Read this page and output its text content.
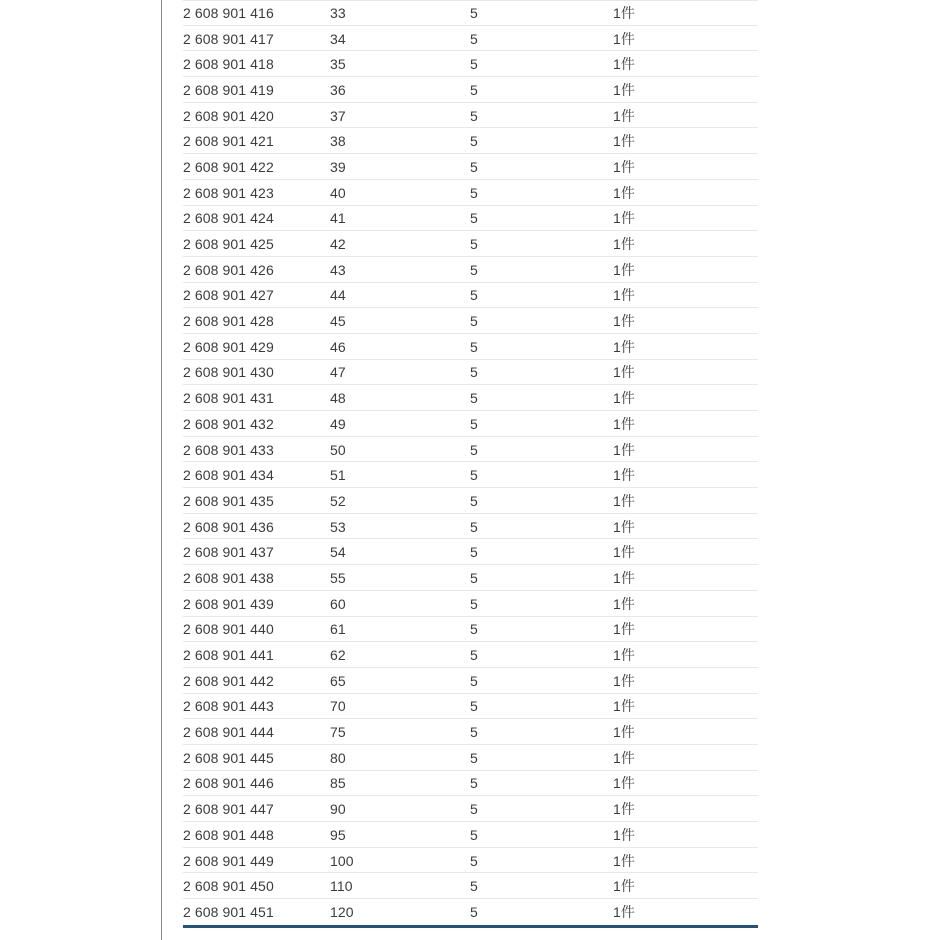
2 608 901 416	33	5	1件
2 608 901 417	34	5	1件
2 608 901 418	35	5	1件
2 608 901 419	36	5	1件
2 608 901 420	37	5	1件
2 608 901 421	38	5	1件
2 608 901 422	39	5	1件
2 608 901 423	40	5	1件
2 608 901 424	41	5	1件
2 608 901 425	42	5	1件
2 608 901 426	43	5	1件
2 608 901 427	44	5	1件
2 608 901 428	45	5	1件
2 608 901 429	46	5	1件
2 608 901 430	47	5	1件
2 608 901 431	48	5	1件
2 608 901 432	49	5	1件
2 608 901 433	50	5	1件
2 608 901 434	51	5	1件
2 608 901 435	52	5	1件
2 608 901 436	53	5	1件
2 608 901 437	54	5	1件
2 608 901 438	55	5	1件
2 608 901 439	60	5	1件
2 608 901 440	61	5	1件
2 608 901 441	62	5	1件
2 608 901 442	65	5	1件
2 608 901 443	70	5	1件
2 608 901 444	75	5	1件
2 608 901 445	80	5	1件
2 608 901 446	85	5	1件
2 608 901 447	90	5	1件
2 608 901 448	95	5	1件
2 608 901 449	100	5	1件
2 608 901 450	110	5	1件
2 608 901 451	120	5	1件
